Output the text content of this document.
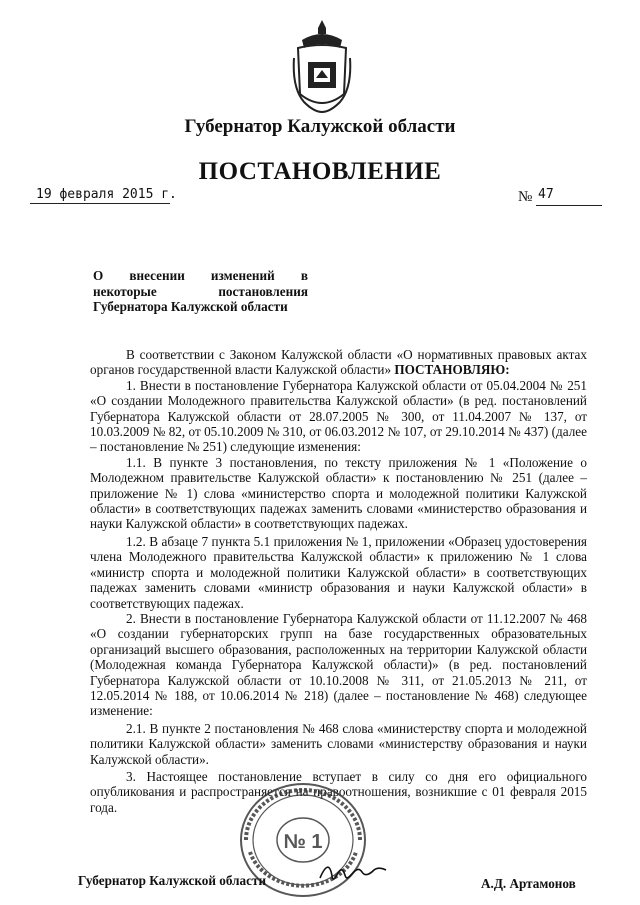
Губернатор Калужской области
ПОСТАНОВЛЕНИЕ
19 февраля 2015 г.	№ 47
О внесении изменений в
некоторые постановления
Губернатора Калужской области

В соответствии с Законом Калужской области «О нормативных правовых актах органов государственной власти Калужской области» ПОСТАНОВЛЯЮ:

1. Внести в постановление Губернатора Калужской области от 05.04.2004 № 251 «О создании Молодежного правительства Калужской области» (в ред. постановлений Губернатора Калужской области от 28.07.2005 № 300, от 11.04.2007 № 137, от 10.03.2009 № 82, от 05.10.2009 № 310, от 06.03.2012 № 107, от 29.10.2014 № 437) (далее – постановление № 251) следующие изменения:

1.1. В пункте 3 постановления, по тексту приложения № 1 «Положение о Молодежном правительстве Калужской области» к постановлению № 251 (далее – приложение № 1) слова «министерство спорта и молодежной политики Калужской области» в соответствующих падежах заменить словами «министерство образования и науки Калужской области» в соответствующих падежах.

1.2. В абзаце 7 пункта 5.1 приложения № 1, приложении «Образец удостоверения члена Молодежного правительства Калужской области» к приложению № 1 слова «министр спорта и молодежной политики Калужской области» в соответствующих падежах заменить словами «министр образования и науки Калужской области» в соответствующих падежах.

2. Внести в постановление Губернатора Калужской области от 11.12.2007 № 468 «О создании губернаторских групп на базе государственных образовательных организаций высшего образования, расположенных на территории Калужской области (Молодежная команда Губернатора Калужской области)» (в ред. постановлений Губернатора Калужской области от 10.10.2008 № 311, от 21.05.2013 № 211, от 12.05.2014 № 188, от 10.06.2014 № 218) (далее – постановление № 468) следующее изменение:

2.1. В пункте 2 постановления № 468 слова «министерству спорта и молодежной политики Калужской области» заменить словами «министерству образования и науки Калужской области».

3. Настоящее постановление вступает в силу со дня его официального опубликования и распространяется на правоотношения, возникшие с 01 февраля 2015 года.

№ 1
Губернатор Калужской области	А.Д. Артамонов
